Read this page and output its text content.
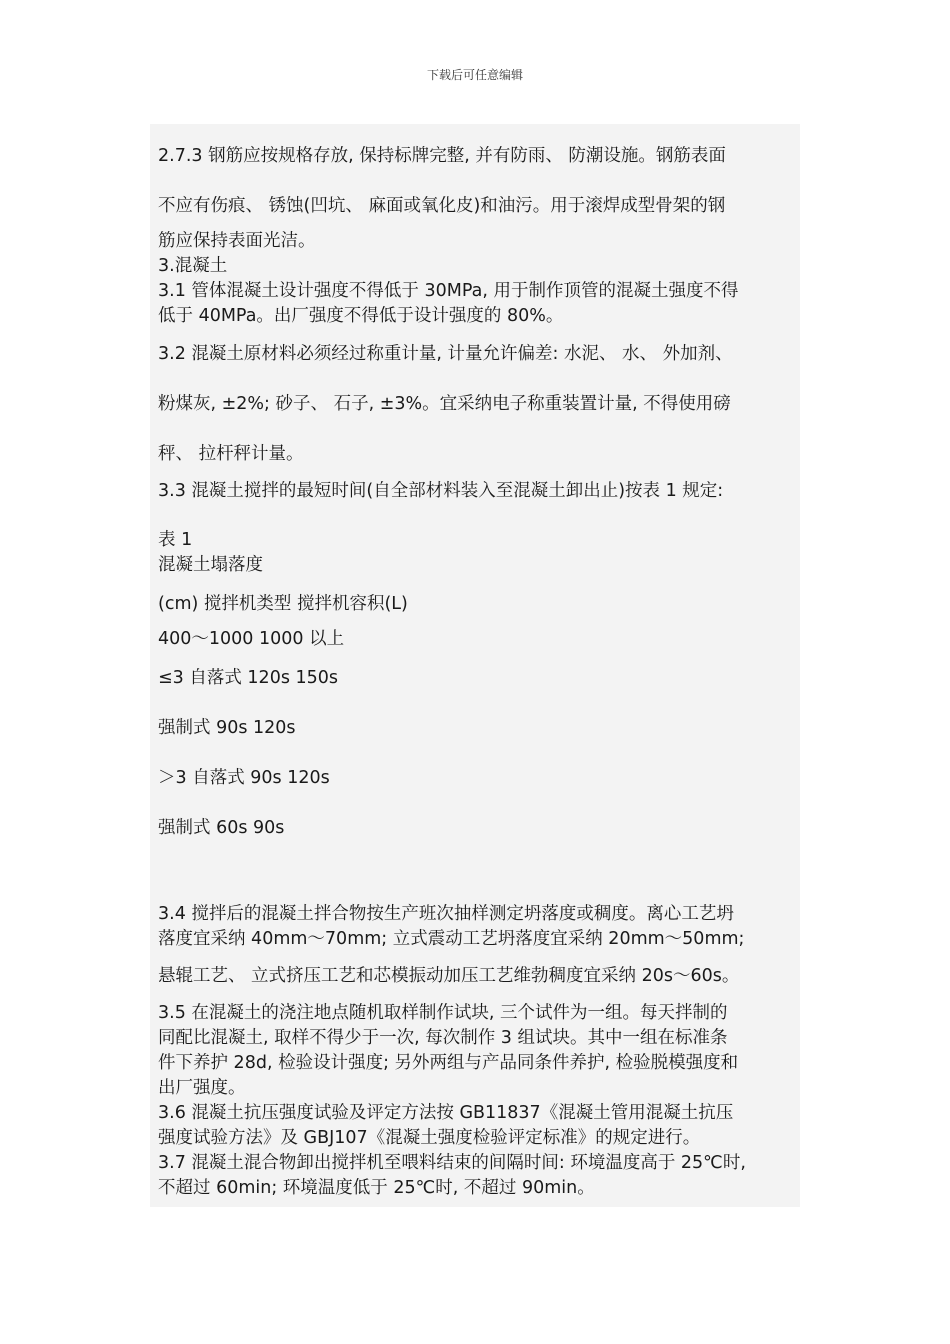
下载后可任意编辑
2.7.3 钢筋应按规格存放, 保持标牌完整, 并有防雨、 防潮设施。钢筋表面
不应有伤痕、 锈蚀(凹坑、 麻面或氧化皮)和油污。用于滚焊成型骨架的钢
筋应保持表面光洁。
3.混凝土
3.1 管体混凝土设计强度不得低于 30MPa, 用于制作顶管的混凝土强度不得
低于 40MPa。出厂强度不得低于设计强度的 80%。
3.2 混凝土原材料必须经过称重计量, 计量允许偏差: 水泥、 水、 外加剂、
粉煤灰, ±2%; 砂子、 石子, ±3%。宜采纳电子称重装置计量, 不得使用磅
秤、 拉杆秤计量。
3.3 混凝土搅拌的最短时间(自全部材料装入至混凝土卸出止)按表 1 规定:
表 1
混凝土塌落度
(cm) 搅拌机类型 搅拌机容积(L)
400～1000 1000 以上
≤3 自落式 120s 150s
强制式 90s 120s
＞3 自落式 90s 120s
强制式 60s 90s
3.4 搅拌后的混凝土拌合物按生产班次抽样测定坍落度或稠度。离心工艺坍
落度宜采纳 40mm～70mm; 立式震动工艺坍落度宜采纳 20mm～50mm;
悬辊工艺、 立式挤压工艺和芯模振动加压工艺维勃稠度宜采纳 20s～60s。
3.5 在混凝土的浇注地点随机取样制作试块, 三个试件为一组。每天拌制的
同配比混凝土, 取样不得少于一次, 每次制作 3 组试块。其中一组在标准条
件下养护 28d, 检验设计强度; 另外两组与产品同条件养护, 检验脱模强度和
出厂强度。
3.6 混凝土抗压强度试验及评定方法按 GB11837《混凝土管用混凝土抗压
强度试验方法》及 GBJ107《混凝土强度检验评定标准》的规定进行。
3.7 混凝土混合物卸出搅拌机至喂料结束的间隔时间: 环境温度高于 25℃时,
不超过 60min; 环境温度低于 25℃时, 不超过 90min。
